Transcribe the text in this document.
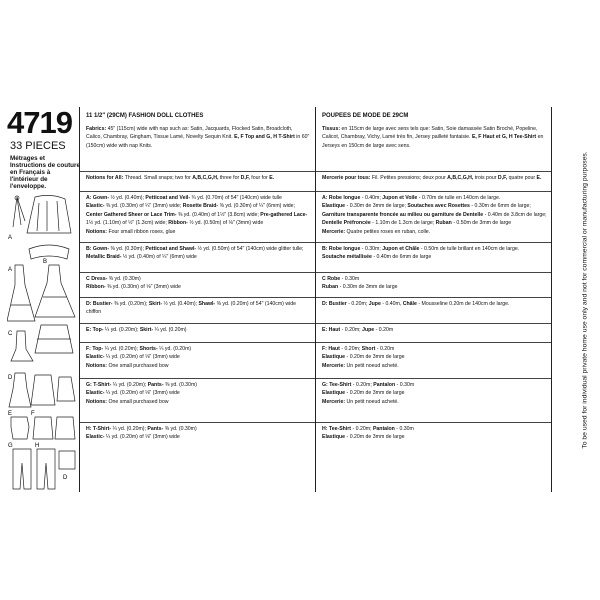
4719
33 PIECES
Métrages et Instructions de couture en Français à l'intérieur de l'enveloppe.
A
A
B
C
D
E	F
G	H
D
11 1/2" (29CM) FASHION DOLL CLOTHES
Fabrics: 45" (115cm) wide with nap such as: Satin, Jacquards, Flocked Satin, Broadcloth,
Calico, Chambray, Gingham, Tissue Lamé, Novelty Sequin Knit. E, F Top and G, H T-Shirt in 60"
(150cm) wide with nap Knits.
Notions for All: Thread. Small snaps; two for A,B,C,G,H, three for D,F, four for E.
A: Gown- ½ yd. (0.40m); Petticoat and Veil- ¾ yd. (0.70m) of 54" (140cm) wide tulle
Elastic- ⅜ yd. (0.30m) of ¼" (3mm) wide; Rosette Braid- ⅜ yd. (0.30m) of ¼" (6mm) wide;
Center Gathered Sheer or Lace Trim- ⅜ yd. (0.40m) of 1½" (3.8cm) wide; Pre-gathered Lace-
1½ yd. (1.10m) of ½" (1.3cm) wide; Ribbon- ½ yd. (0.50m) of ⅛" (3mm) wide
Notions: Four small ribbon roses, glue
B: Gown- ⅜ yd. (0.30m); Petticoat and Shawl- ½ yd. (0.50m) of 54" (140cm) wide glitter tulle;
Metallic Braid- ½ yd. (0.40m) of ¼" (6mm) wide
C Dress- ⅜ yd. (0.30m)
Ribbon- ⅜ yd. (0.30m) of ⅛" (3mm) wide
D: Bustier- ⅜ yd. (0.20m); Skirt- ½ yd. (0.40m); Shawl- ⅜ yd. (0.20m) of 54" (140cm) wide
chiffon
E: Top- ¼ yd. (0.20m); Skirt- ¼ yd. (0.20m)
F: Top- ¼ yd. (0.20m); Shorts- ¼ yd. (0.20m)
Elastic- ¼ yd. (0.20m) of ⅛" (3mm) wide
Notions: One small purchased bow
G: T-Shirt- ¼ yd. (0.20m); Pants- ⅜ yd. (0.30m)
Elastic- ¼ yd. (0.20m) of ⅛" (3mm) wide
Notions: One small purchased bow
H: T-Shirt- ¼ yd. (0.20m); Pants- ⅜ yd. (0.30m)
Elastic- ¼ yd. (0.20m) of ⅛" (3mm) wide
POUPEES DE MODE DE 29CM
Tissus: en 115cm de large avec sens tels que: Satin, Soie damassée Satin Broché, Popeline,
Calicot, Chambray, Vichy, Lamé très fin, Jersey pailleté fantaisie. E, F Haut et G, H Tee-Shirt en
Jerseys en 150cm de large avec sens.
Mercerie pour tous: Fil. Petites pressions; deux pour A,B,C,G,H, trois pour D,F, quatre pour E.
A: Robe longue - 0.40m; Jupon et Voile - 0.70m de tulle en 140cm de large.
Elastique - 0.30m de 3mm de large; Soutaches avec Rosettes - 0.30m de 6mm de large;
Garniture transparente froncée au milieu ou garniture de Dentelle - 0.40m de 3.8cm de large;
Dentelle Préfroncée - 1.10m de 1.3cm de large; Ruban - 0.50m de 3mm de large
Mercerie: Quatre petites roses en ruban, colle.
B: Robe longue - 0.30m; Jupon et Châle - 0.50m de tulle brillant en 140cm de large.
Soutache métallisée - 0.40m de 6mm de large
C Robe - 0.30m
Ruban - 0.30m de 3mm de large
D: Bustier - 0.20m; Jupe - 0.40m, Châle - Mousseline 0.20m de 140cm de large.
E: Haut - 0.20m; Jupe - 0.20m
F: Haut - 0.20m; Short - 0.20m
Elastique - 0.20m de 3mm de large
Mercerie: Un petit noeud acheté.
G: Tee-Shirt - 0.20m; Pantalon - 0.30m
Elastique - 0.20m de 3mm de large
Mercerie: Un petit noeud acheté.
H: Tee-Shirt - 0.20m; Pantalon - 0.30m
Elastique - 0.20m de 3mm de large	To be used for individual private home use only and not for commercial or manufacturing purposes.
